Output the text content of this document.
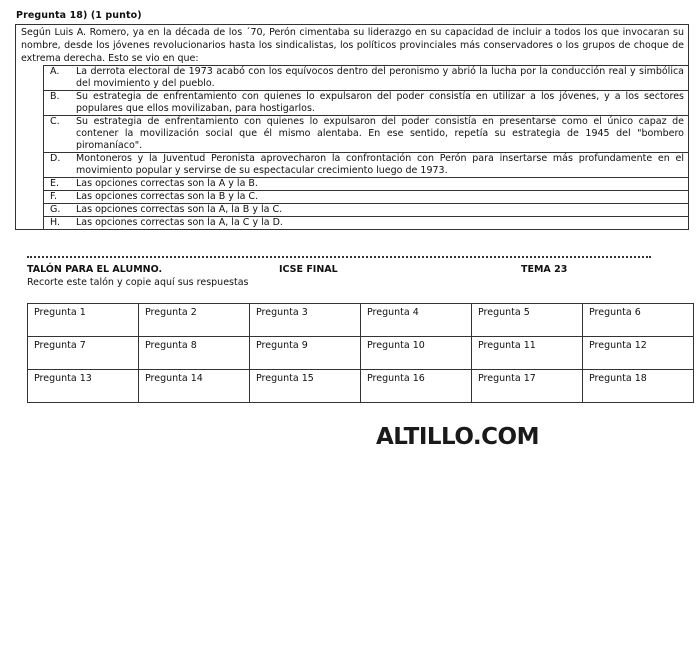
Pregunta 18) (1 punto)
Según Luis A. Romero, ya en la década de los ´70, Perón cimentaba su liderazgo en su capacidad de incluir a todos los que invocaran su nombre, desde los jóvenes revolucionarios hasta los sindicalistas, los políticos provinciales más conservadores o los grupos de choque de extrema derecha. Esto se vio en que:
	A.	La derrota electoral de 1973 acabó con los equívocos dentro del peronismo y abrió la lucha por la conducción real y simbólica del movimiento y del pueblo.
	B.	Su estrategia de enfrentamiento con quienes lo expulsaron del poder consistía en utilizar a los jóvenes, y a los sectores populares que ellos movilizaban, para hostigarlos.
	C.	Su estrategia de enfrentamiento con quienes lo expulsaron del poder consistía en presentarse como el único capaz de contener la movilización social que él mismo alentaba. En ese sentido, repetía su estrategia de 1945 del "bombero piromaníaco".
	D.	Montoneros y la Juventud Peronista aprovecharon la confrontación con Perón para insertarse más profundamente en el movimiento popular y servirse de su espectacular crecimiento luego de 1973.
	E.	Las opciones correctas son la A y la B.
	F.	Las opciones correctas son la B y la C.
	G.	Las opciones correctas son la A, la B y la C.
	H.	Las opciones correctas son la A, la C y la D.
TALÓN PARA EL ALUMNO.	ICSE FINAL	TEMA 23
Recorte este talón y copie aquí sus respuestas
Pregunta 1	Pregunta 2	Pregunta 3	Pregunta 4	Pregunta 5	Pregunta 6
Pregunta 7	Pregunta 8	Pregunta 9	Pregunta 10	Pregunta 11	Pregunta 12
Pregunta 13	Pregunta 14	Pregunta 15	Pregunta 16	Pregunta 17	Pregunta 18
ALTILLO.COM
